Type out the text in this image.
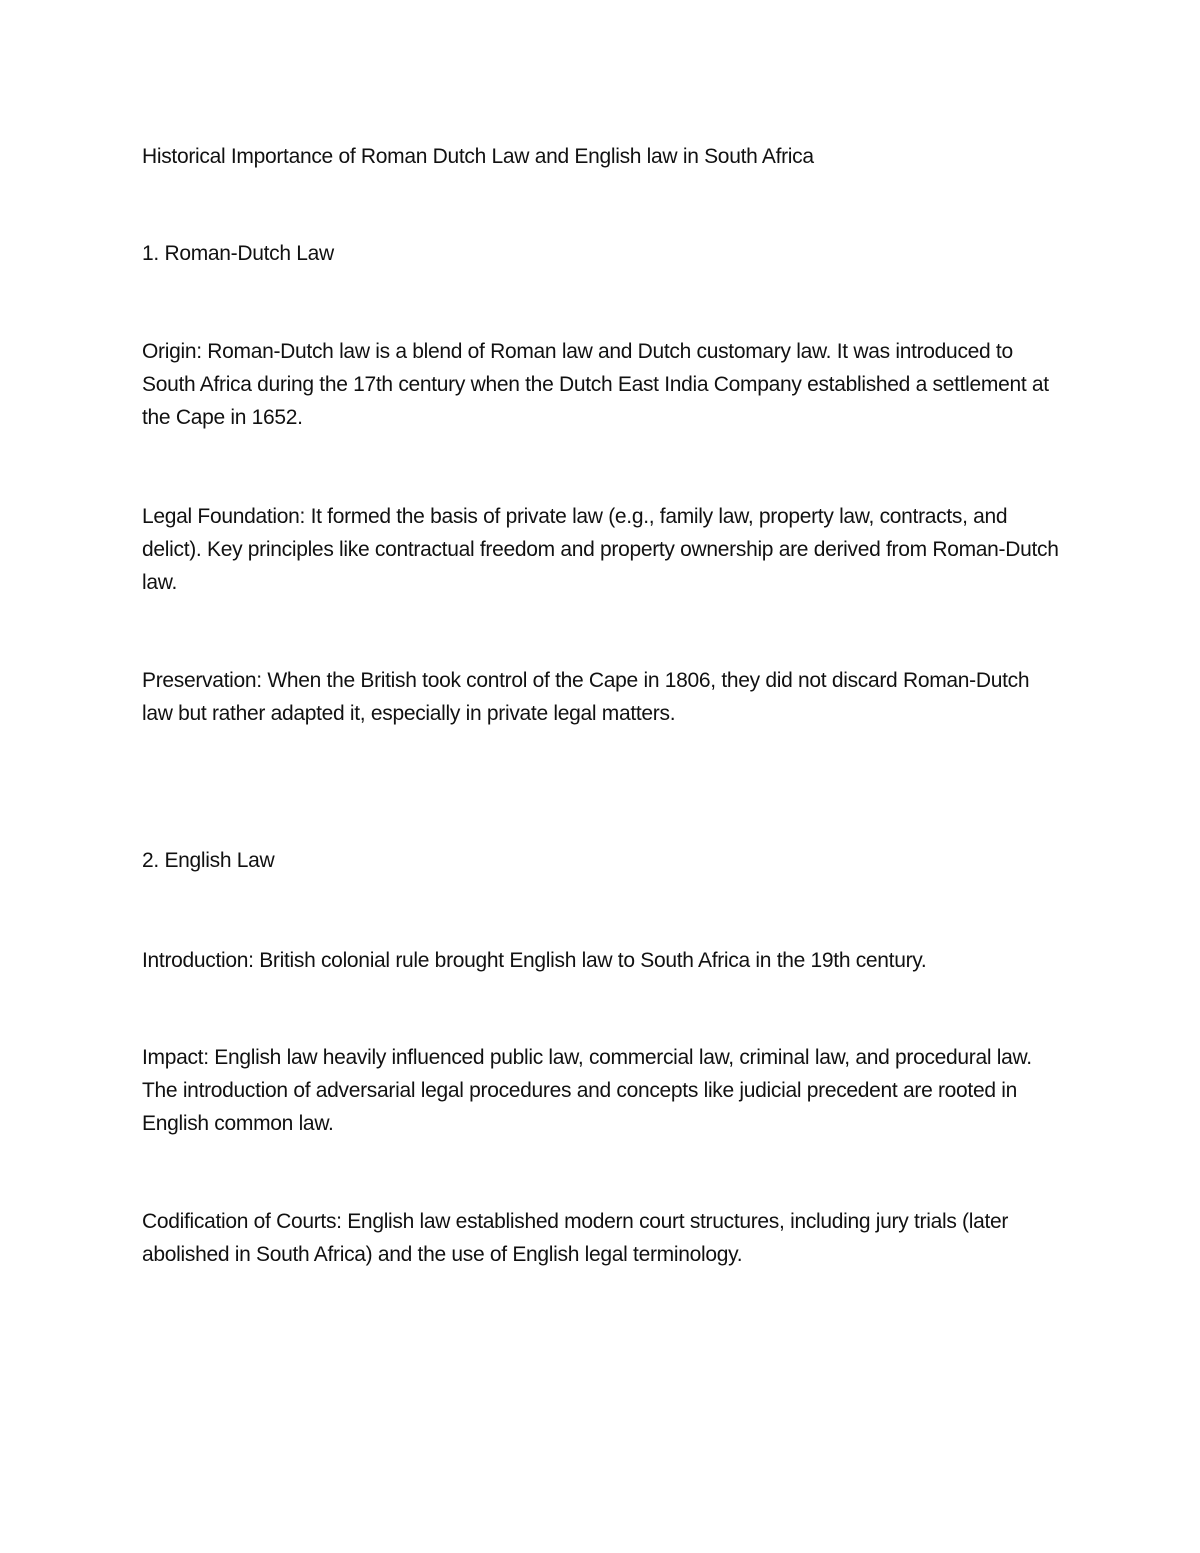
Historical Importance of Roman Dutch Law and English law in South Africa

1. Roman-Dutch Law

Origin: Roman-Dutch law is a blend of Roman law and Dutch customary law. It was introduced to South Africa during the 17th century when the Dutch East India Company established a settlement at the Cape in 1652.

Legal Foundation: It formed the basis of private law (e.g., family law, property law, contracts, and delict). Key principles like contractual freedom and property ownership are derived from Roman-Dutch law.

Preservation: When the British took control of the Cape in 1806, they did not discard Roman-Dutch law but rather adapted it, especially in private legal matters.

2. English Law

Introduction: British colonial rule brought English law to South Africa in the 19th century.

Impact: English law heavily influenced public law, commercial law, criminal law, and procedural law. The introduction of adversarial legal procedures and concepts like judicial precedent are rooted in English common law.

Codification of Courts: English law established modern court structures, including jury trials (later abolished in South Africa) and the use of English legal terminology.
